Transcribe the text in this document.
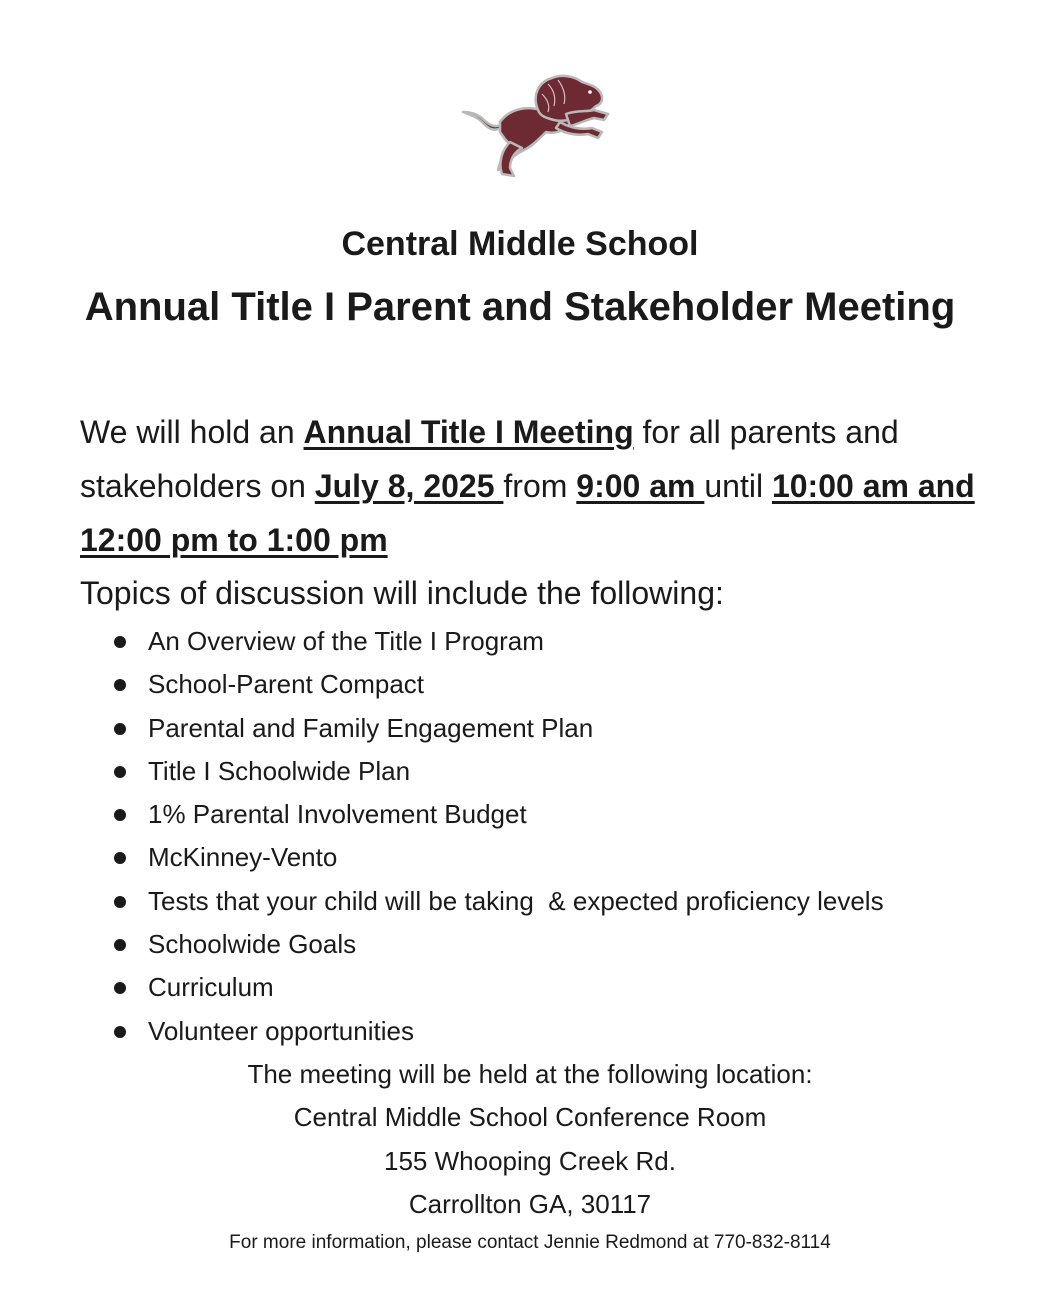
Central Middle School
Annual Title I Parent and Stakeholder Meeting
We will hold an Annual Title I Meeting for all parents and stakeholders on July 8, 2025 from 9:00 am until 10:00 am and 12:00 pm to 1:00 pm
Topics of discussion will include the following:
An Overview of the Title I Program
School-Parent Compact
Parental and Family Engagement Plan
Title I Schoolwide Plan
1% Parental Involvement Budget
McKinney-Vento
Tests that your child will be taking  & expected proficiency levels
Schoolwide Goals
Curriculum
Volunteer opportunities
The meeting will be held at the following location:
Central Middle School Conference Room
155 Whooping Creek Rd.
Carrollton GA, 30117
For more information, please contact Jennie Redmond at 770-832-8114
